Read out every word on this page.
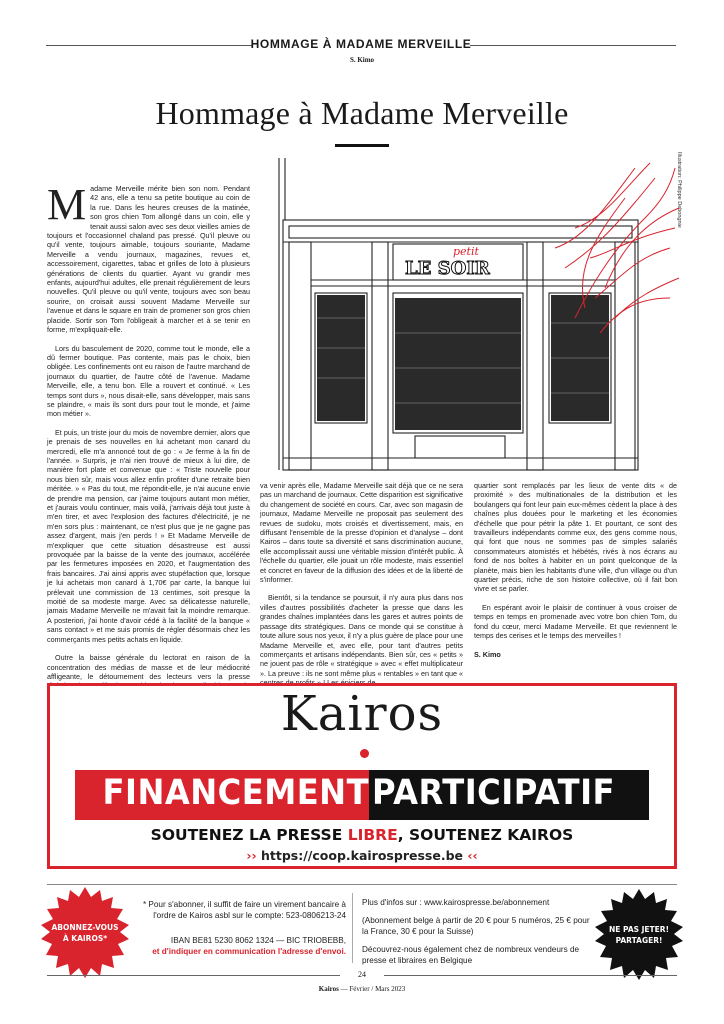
HOMMAGE À MADAME MERVEILLE
S. Kimo
Hommage à Madame Merveille
Illustration: Philippe Debongnie

Madame Merveille mérite bien son nom. Pendant 42 ans, elle a tenu sa petite boutique au coin de la rue. Dans les heures creuses de la matinée, son gros chien Tom allongé dans un coin, elle y tenait aussi salon avec ses deux vieilles amies de toujours et l'occasionnel chaland pas pressé. Qu'il pleuve ou qu'il vente, toujours aimable, toujours souriante, Madame Merveille a vendu journaux, magazines, revues et, accessoirement, cigarettes, tabac et grilles de loto à plusieurs générations de clients du quartier. Ayant vu grandir mes enfants, aujourd'hui adultes, elle prenait régulièrement de leurs nouvelles. Qu'il pleuve ou qu'il vente, toujours avec son beau sourire, on croisait aussi souvent Madame Merveille sur l'avenue et dans le square en train de promener son gros chien placide. Sortir son Tom l'obligeait à marcher et à se tenir en forme, m'expliquait-elle.

Lors du basculement de 2020, comme tout le monde, elle a dû fermer boutique. Pas contente, mais pas le choix, bien obligée. Les confinements ont eu raison de l'autre marchand de journaux du quartier, de l'autre côté de l'avenue. Madame Merveille, elle, a tenu bon. Elle a rouvert et continué. « Les temps sont durs », nous disait-elle, sans développer, mais sans se plaindre, « mais ils sont durs pour tout le monde, et j'aime mon métier ».

Et puis, un triste jour du mois de novembre dernier, alors que je prenais de ses nouvelles en lui achetant mon canard du mercredi, elle m'a annoncé tout de go : « Je ferme à la fin de l'année. » Surpris, je n'ai rien trouvé de mieux à lui dire, de manière fort plate et convenue que : « Triste nouvelle pour nous bien sûr, mais vous allez enfin profiter d'une retraite bien méritée. » « Pas du tout, me répondit-elle, je n'ai aucune envie de prendre ma pension, car j'aime toujours autant mon métier, et j'aurais voulu continuer, mais voilà, j'arrivais déjà tout juste à m'en tirer, et avec l'explosion des factures d'électricité, je ne m'en sors plus : maintenant, ce n'est plus que je ne gagne pas assez d'argent, mais j'en perds ! » Et Madame Merveille de m'expliquer que cette situation désastreuse est aussi provoquée par la baisse de la vente des journaux, accélérée par les fermetures imposées en 2020, et l'augmentation des frais bancaires. J'ai ainsi appris avec stupéfaction que, lorsque je lui achetais mon canard à 1,70€ par carte, la banque lui prélevait une commission de 13 centimes, soit presque la moitié de sa modeste marge. Avec sa délicatesse naturelle, jamais Madame Merveille ne m'avait fait la moindre remarque. A posteriori, j'ai honte d'avoir cédé à la facilité de la banque « sans contact » et me suis promis de régler désormais chez les commerçants mes petits achats en liquide.

Outre la baisse générale du lectorat en raison de la concentration des médias de masse et de leur médiocrité affligeante, le détournement des lecteurs vers la presse

petit
LE SOIR

va venir après elle, Madame Merveille sait déjà que ce ne sera pas un marchand de journaux. Cette disparition est significative du changement de société en cours. Car, avec son magasin de journaux, Madame Merveille ne proposait pas seulement des revues de sudoku, mots croisés et divertissement, mais, en diffusant l'ensemble de la presse d'opinion et d'analyse – dont Kairos – dans toute sa diversité et sans discrimination aucune, elle accomplissait aussi une véritable mission d'intérêt public. À l'échelle du quartier, elle jouait un rôle modeste, mais essentiel et concret en faveur de la diffusion des idées et de la liberté de s'informer.

Bientôt, si la tendance se poursuit, il n'y aura plus dans nos villes d'autres possibilités d'acheter la presse que dans les grandes chaînes implantées dans les gares et autres points de passage dits stratégiques. Dans ce monde qui se constitue à toute allure sous nos yeux, il n'y a plus guère de place pour une Madame Merveille et, avec elle, pour tant d'autres petits commerçants et artisans indépendants. Bien sûr, ces « petits » ne jouent pas de rôle « stratégique » avec « effet multiplicateur ». La preuve : ils ne sont même plus « rentables » en tant que «

quartier sont remplacés par les lieux de vente dits « de proximité » des multinationales de la distribution et les boulangers qui font leur pain eux-mêmes cèdent la place à des chaînes plus douées pour le marketing et les économies d'échelle que pour pétrir la pâte 1. Et pourtant, ce sont des travailleurs indépendants comme eux, des gens comme nous, qui font que nous ne sommes pas de simples salariés consommateurs atomistés et hébétés, rivés à nos écrans au fond de nos boîtes à habiter en un point quelconque de la planète, mais bien les habitants d'une ville, d'un village ou d'un quartier précis, riche de son histoire collective, où il fait bon vivre et se parler.

En espérant avoir le plaisir de continuer à vous croiser de temps en temps en promenade avec votre bon chien Tom, du fond du cœur, merci Madame Merveille. Et que reviennent le temps des cerises et le temps des merveilles !

S. Kimo

Kairos
FINANCEMENT PARTICIPATIF
SOUTENEZ LA PRESSE LIBRE, SOUTENEZ KAIROS
›› https://coop.kairospresse.be ‹‹
ABONNEZ-VOUS
À KAIROS*
* Pour s'abonner, il suffit de faire un virement bancaire à l'ordre de Kairos asbl sur le compte: 523-0806213-24
IBAN BE81 5230 8062 1324 — BIC TRIOBEBB,
et d'indiquer en communication l'adresse d'envoi.

Plus d'infos sur : www.kairospresse.be/abonnement

(Abonnement belge à partir de 20 € pour 5 numéros, 25 € pour la France, 30 € pour la Suisse)

Découvrez-nous également chez de nombreux vendeurs de presse et libraires en Belgique

NE PAS JETER!
PARTAGER!
24
Kairos — Février / Mars 2023
